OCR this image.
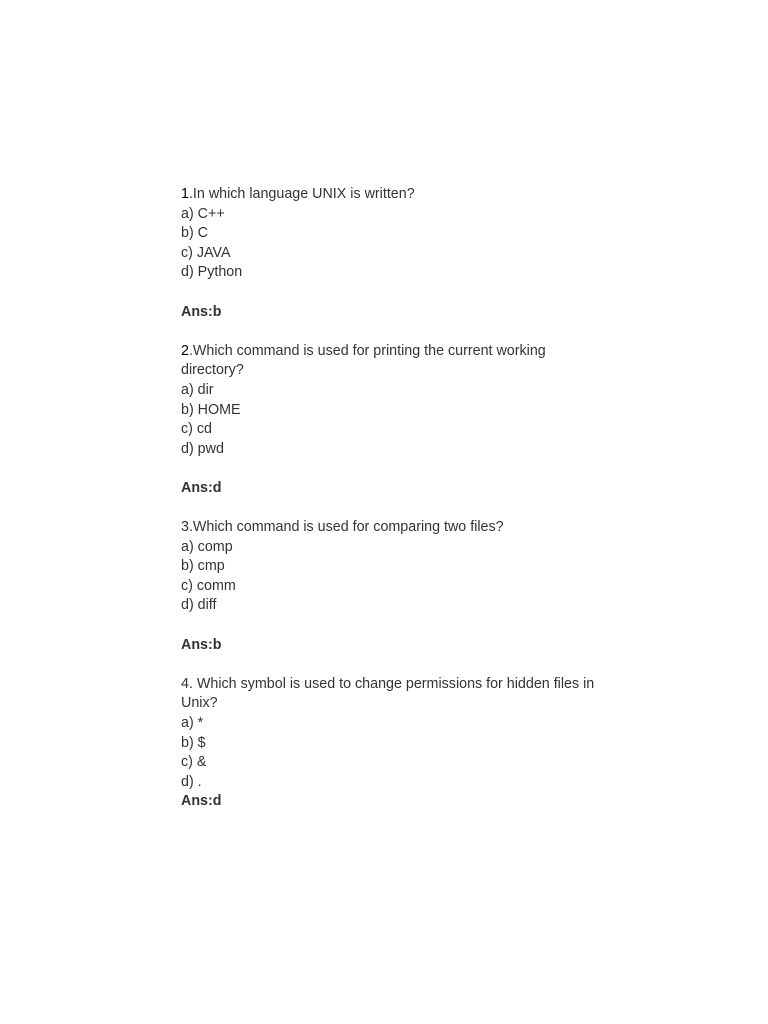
1.In which language UNIX is written?
a) C++
b) C
c) JAVA
d) Python
Ans:b
2.Which command is used for printing the current working directory?
a) dir
b) HOME
c) cd
d) pwd
Ans:d
3.Which command is used for comparing two files?
a) comp
b) cmp
c) comm
d) diff
Ans:b
4. Which symbol is used to change permissions for hidden files in Unix?
a) *
b) $
c) &
d) .
Ans:d
